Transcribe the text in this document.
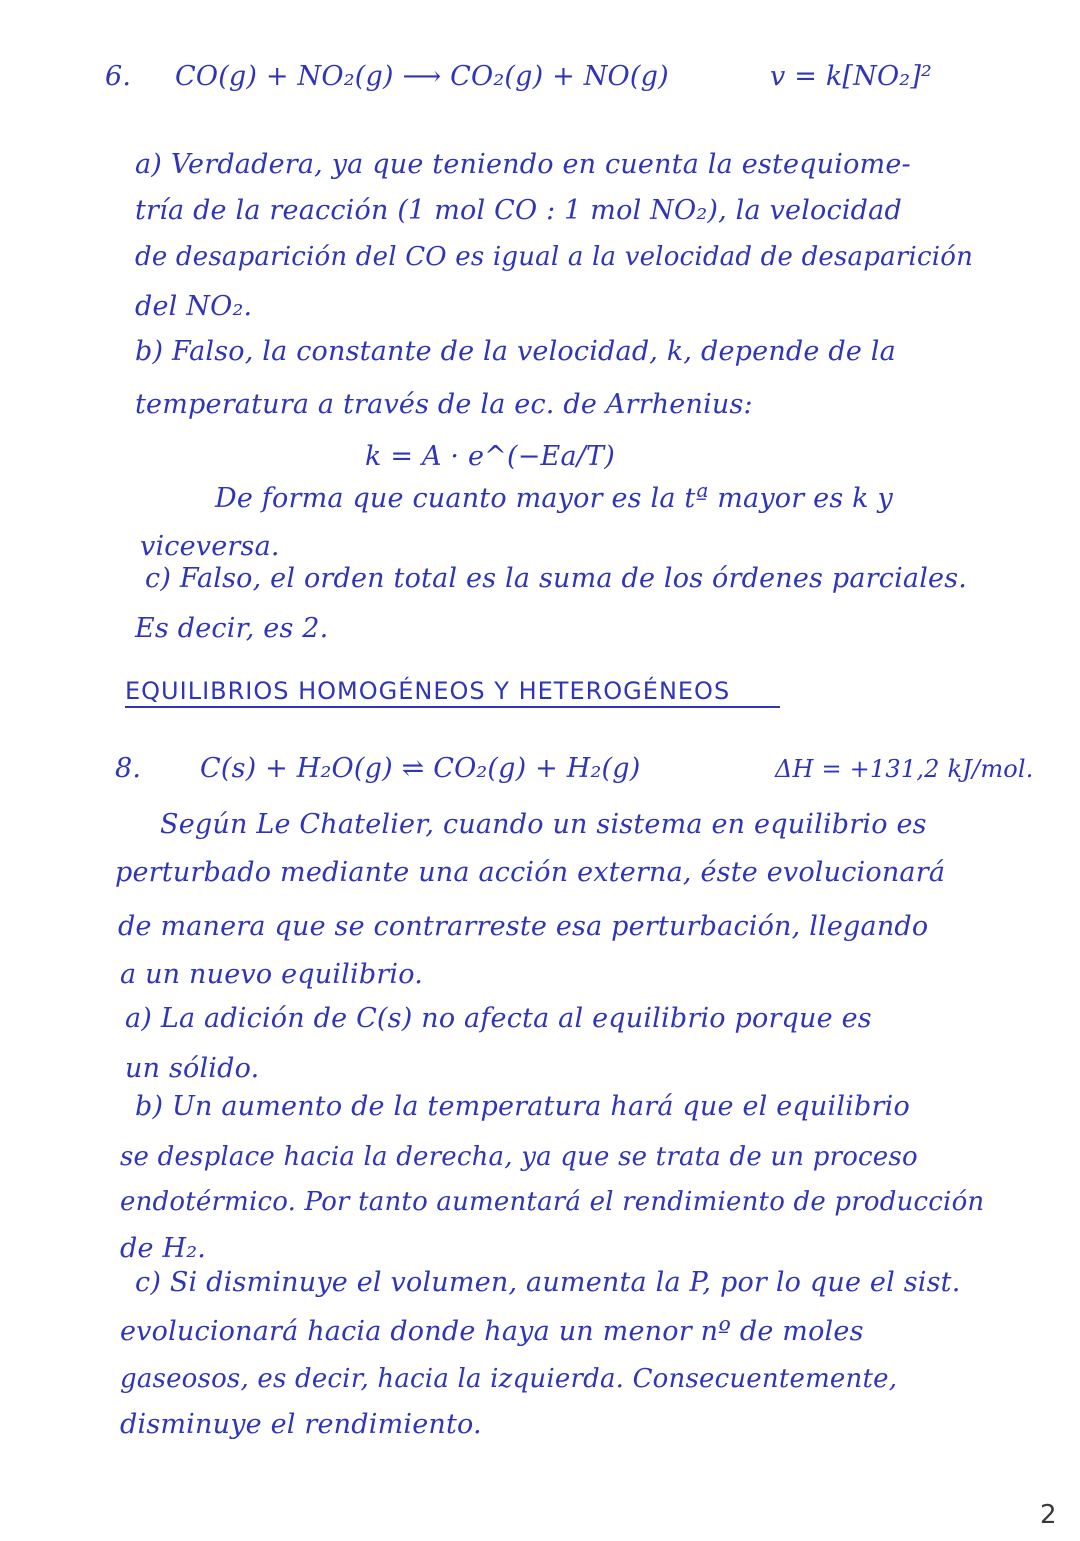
6. CO(g) + NO₂(g) ⟶ CO₂(g) + NO(g)	v = k[NO₂]²
a) Verdadera, ya que teniendo en cuenta la estequiome-
tría de la reacción (1 mol CO : 1 mol NO₂), la velocidad
de desaparición del CO es igual a la velocidad de desaparición
del NO₂.
b) Falso, la constante de la velocidad, k, depende de la
temperatura a través de la ec. de Arrhenius:
k = A · e^(−Ea/T)
De forma que cuanto mayor es la tª mayor es k y
viceversa.
c) Falso, el orden total es la suma de los órdenes parciales.
Es decir, es 2.
EQUILIBRIOS HOMOGÉNEOS Y HETEROGÉNEOS
8. C(s) + H₂O(g) ⇌ CO₂(g) + H₂(g)	ΔH = +131,2 kJ/mol.
Según Le Chatelier, cuando un sistema en equilibrio es
perturbado mediante una acción externa, éste evolucionará
de manera que se contrarreste esa perturbación, llegando
a un nuevo equilibrio.
a) La adición de C(s) no afecta al equilibrio porque es
un sólido.
b) Un aumento de la temperatura hará que el equilibrio
se desplace hacia la derecha, ya que se trata de un proceso
endotérmico. Por tanto aumentará el rendimiento de producción
de H₂.
c) Si disminuye el volumen, aumenta la P, por lo que el sist.
evolucionará hacia donde haya un menor nº de moles
gaseosos, es decir, hacia la izquierda. Consecuentemente,
disminuye el rendimiento.
2
